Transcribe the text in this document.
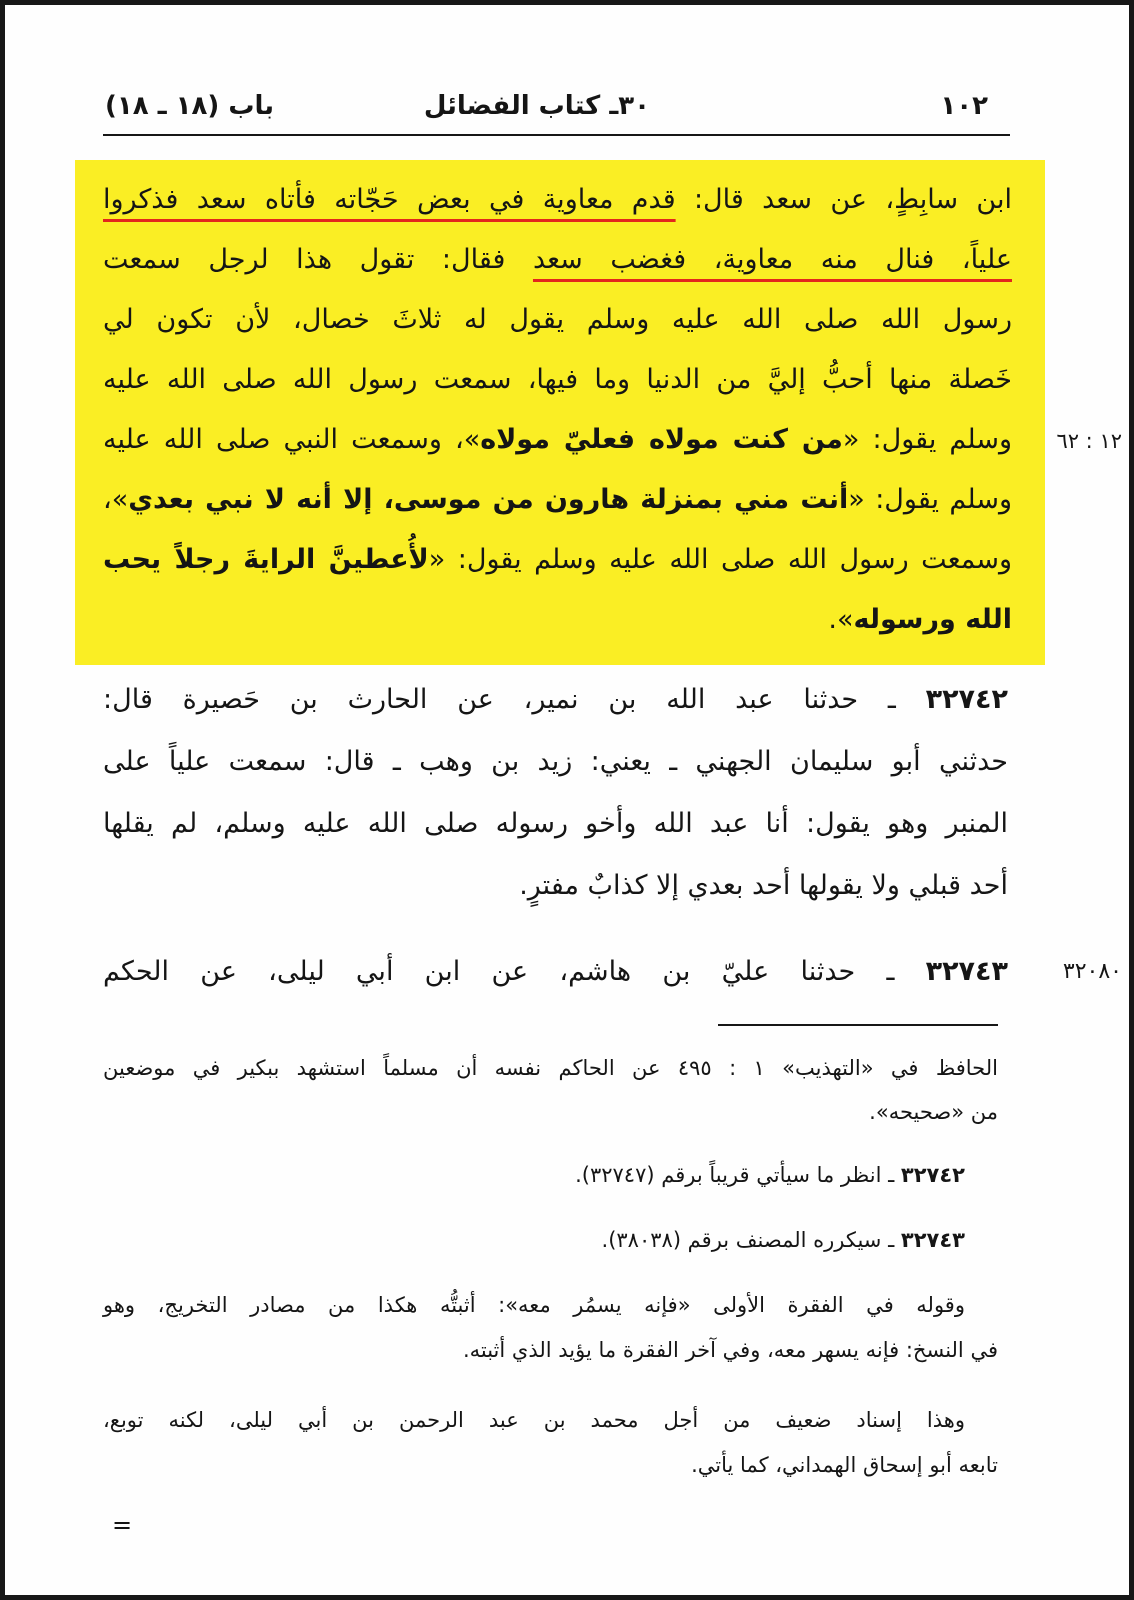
١٠٢
٣٠ـ كتاب الفضائل
باب (١٨ ـ ١٨)
ابن سابِطٍ، عن سعد قال: قدم معاوية في بعض حَجّاته فأتاه سعد فذكروا
علياً، فنال منه معاوية، فغضب سعد فقال: تقول هذا لرجل سمعت
رسول الله صلى الله عليه وسلم يقول له ثلاثَ خصال، لأن تكون لي
خَصلة منها أحبُّ إليَّ من الدنيا وما فيها، سمعت رسول الله صلى الله عليه
وسلم يقول: «من كنت مولاه فعليّ مولاه»، وسمعت النبي صلى الله عليه
وسلم يقول: «أنت مني بمنزلة هارون من موسى، إلا أنه لا نبي بعدي»،
وسمعت رسول الله صلى الله عليه وسلم يقول: «لأُعطينَّ الرايةَ رجلاً يحب
الله ورسوله».
١٢ : ٦٢
٣٢٧٤٢ ـ حدثنا عبد الله بن نمير، عن الحارث بن حَصيرة قال:
حدثني أبو سليمان الجهني ـ يعني: زيد بن وهب ـ قال: سمعت علياً على
المنبر وهو يقول: أنا عبد الله وأخو رسوله صلى الله عليه وسلم، لم يقلها
أحد قبلي ولا يقولها أحد بعدي إلا كذابٌ مفترٍ.
٣٢٧٤٣ ـ حدثنا عليّ بن هاشم، عن ابن أبي ليلى، عن الحكم	٣٢٠٨٠
الحافظ في «التهذيب» ١ : ٤٩٥ عن الحاكم نفسه أن مسلماً استشهد ببكير في موضعين
من «صحيحه».
٣٢٧٤٢ ـ انظر ما سيأتي قريباً برقم (٣٢٧٤٧).
٣٢٧٤٣ ـ سيكرره المصنف برقم (٣٨٠٣٨).
وقوله في الفقرة الأولى «فإنه يسمُر معه»: أثبتُّه هكذا من مصادر التخريج، وهو
في النسخ: فإنه يسهر معه، وفي آخر الفقرة ما يؤيد الذي أثبته.
وهذا إسناد ضعيف من أجل محمد بن عبد الرحمن بن أبي ليلى، لكنه توبع،
تابعه أبو إسحاق الهمداني، كما يأتي.
=
